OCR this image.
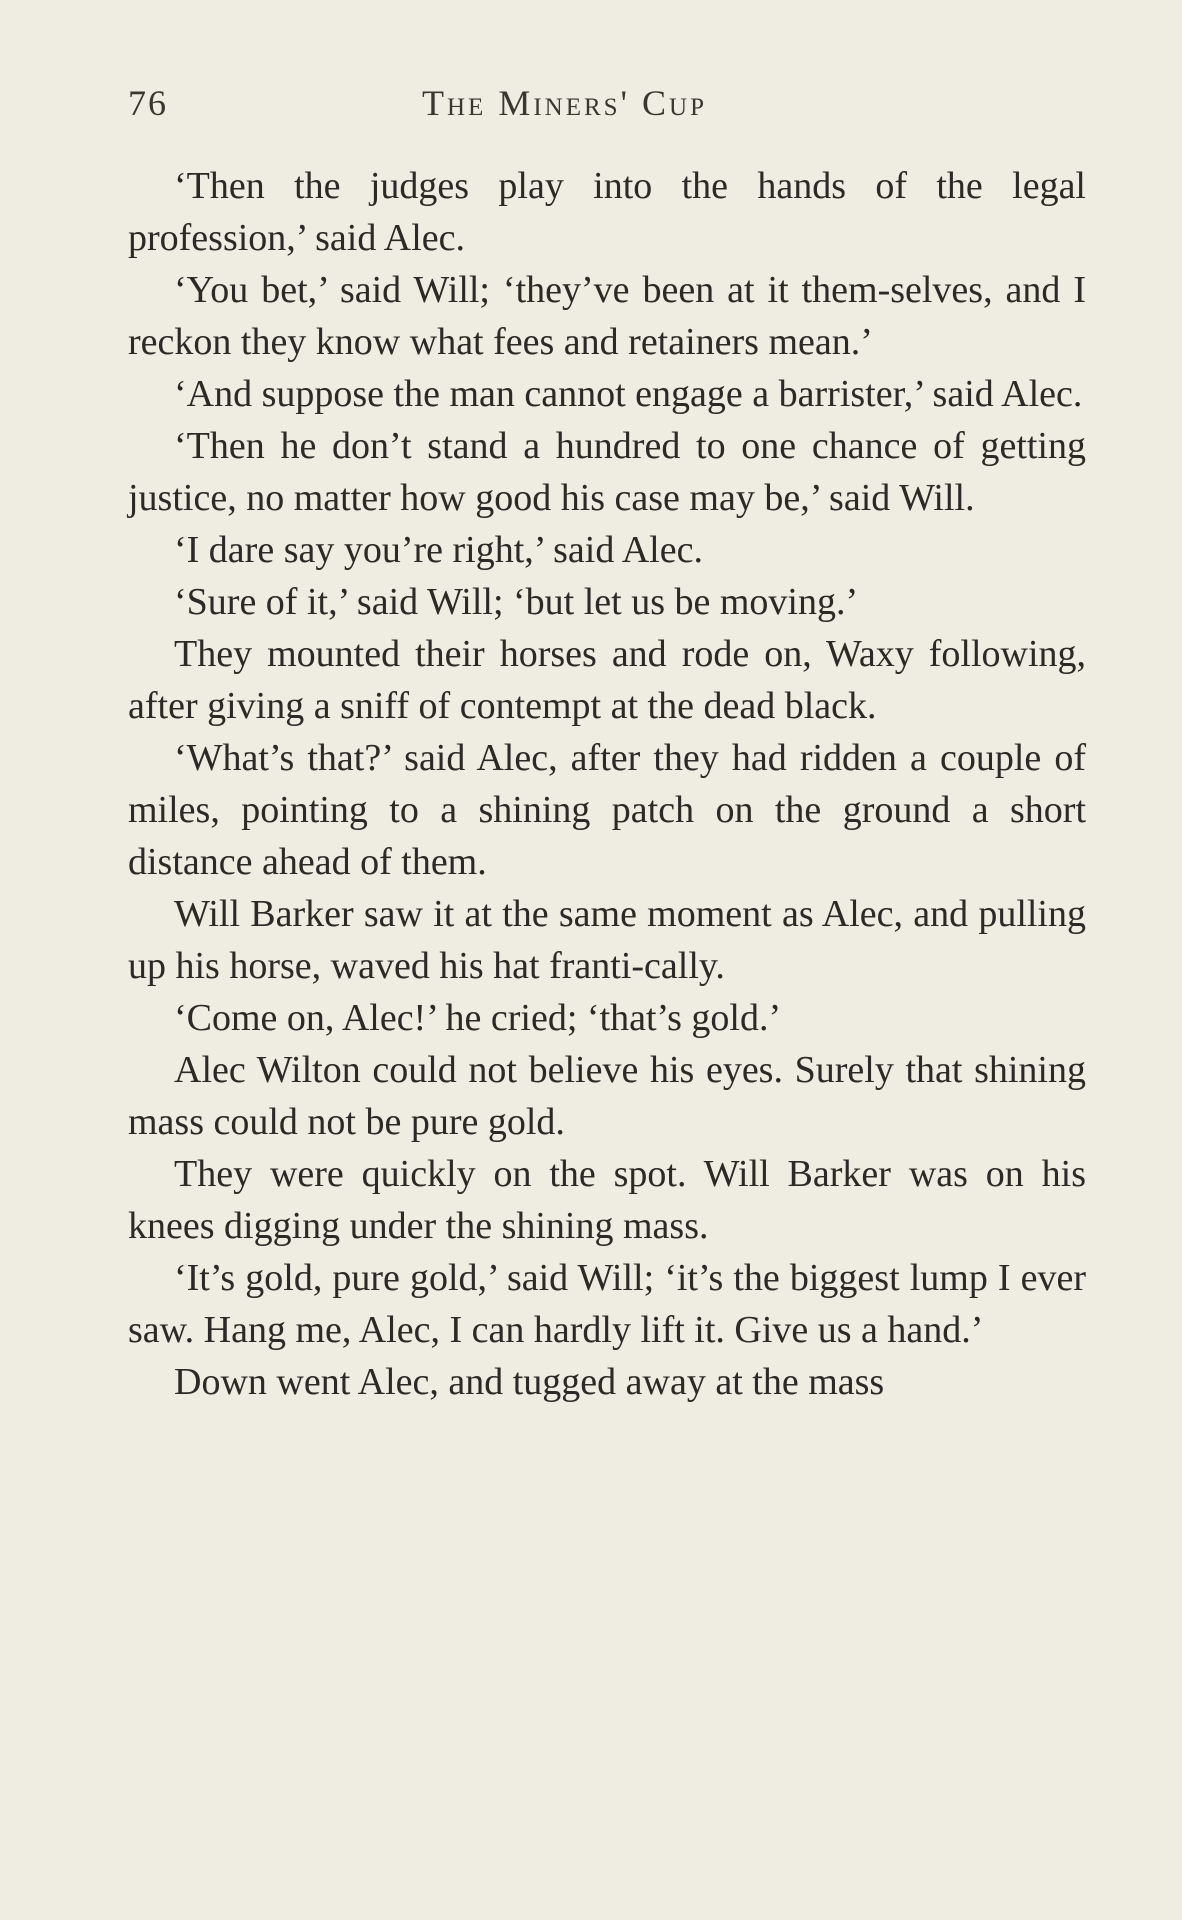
76	The Miners' Cup

‘Then the judges play into the hands of the legal profession,’ said Alec.

‘You bet,’ said Will; ‘they’ve been at it them-selves, and I reckon they know what fees and retainers mean.’

‘And suppose the man cannot engage a barrister,’ said Alec.

‘Then he don’t stand a hundred to one chance of getting justice, no matter how good his case may be,’ said Will.

‘I dare say you’re right,’ said Alec.

‘Sure of it,’ said Will; ‘but let us be moving.’

They mounted their horses and rode on, Waxy following, after giving a sniff of contempt at the dead black.

‘What’s that?’ said Alec, after they had ridden a couple of miles, pointing to a shining patch on the ground a short distance ahead of them.

Will Barker saw it at the same moment as Alec, and pulling up his horse, waved his hat franti-cally.

‘Come on, Alec!’ he cried; ‘that’s gold.’

Alec Wilton could not believe his eyes. Surely that shining mass could not be pure gold.

They were quickly on the spot. Will Barker was on his knees digging under the shining mass.

‘It’s gold, pure gold,’ said Will; ‘it’s the biggest lump I ever saw. Hang me, Alec, I can hardly lift it. Give us a hand.’

Down went Alec, and tugged away at the mass
